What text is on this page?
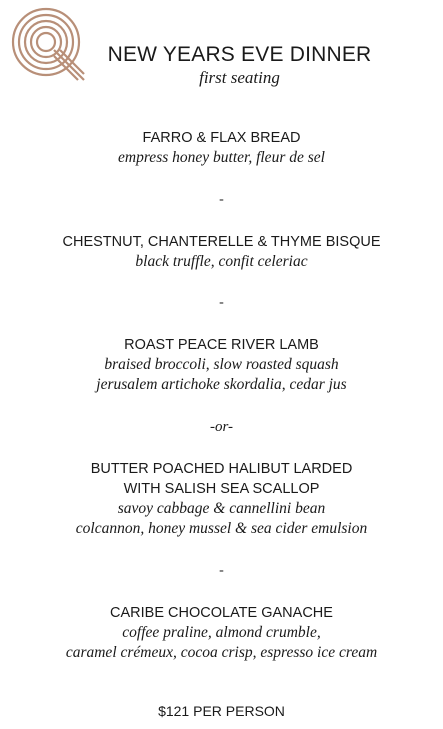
NEW YEARS EVE DINNER
first seating
FARRO & FLAX BREAD
empress honey butter, fleur de sel
-
CHESTNUT, CHANTERELLE & THYME BISQUE
black truffle, confit celeriac
-
ROAST PEACE RIVER LAMB
braised broccoli, slow roasted squash
jerusalem artichoke skordalia, cedar jus
-or-
BUTTER POACHED HALIBUT LARDED
WITH SALISH SEA SCALLOP
savoy cabbage & cannellini bean
colcannon, honey mussel & sea cider emulsion
-
CARIBE CHOCOLATE GANACHE
coffee praline, almond crumble,
caramel crémeux, cocoa crisp, espresso ice cream
$121 PER PERSON
